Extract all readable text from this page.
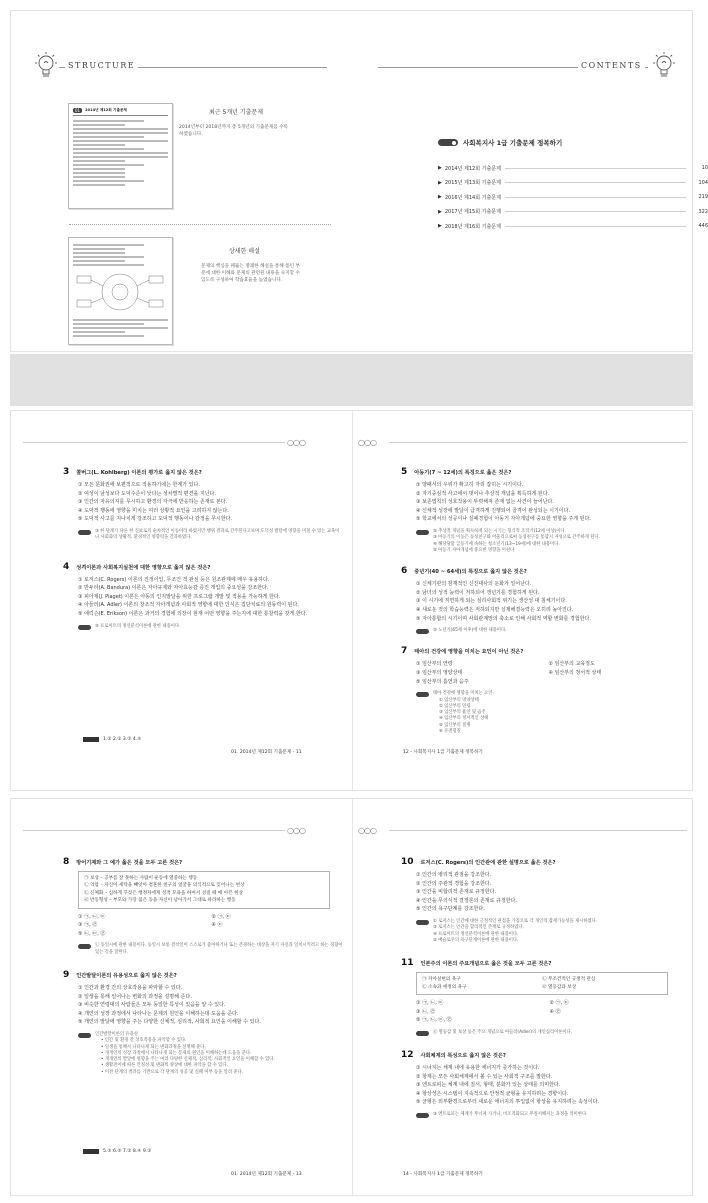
STRUCTURE	CONTENTS
01	2014년 제12회 기출문제	최근 5개년 기출문제
2014년부터 2018년까지 총 5개년의 기출문제를 수록하였습니다.
상세한 해설
문제의 핵심을 꿰뚫는 명쾌한 해설을 통해 틀린 부분에 대한 이해와 문제의 관련된 내용을 숙지할 수 있도록 구성하여 학습효율을 높였습니다.
사회복지사 1급 기출문제 정복하기
▶ 2014년 제12회 기출문제	10
▶ 2015년 제13회 기출문제	104
▶ 2016년 제14회 기출문제	219
▶ 2017년 제15회 기출문제	322
▶ 2018년 제16회 기출문제	446
○○○	○○○
3 콜버그(L. Kohlberg) 이론의 평가로 옳지 않은 것은?
① 모든 문화권에 보편적으로 적용하기에는 한계가 있다.
② 여성이 남성보다 도덕수준이 낮다는 성차별적 편견을 지닌다.
③ 인간의 자유의지를 무시하고 환경의 자극에 반응하는 존재로 본다.
④ 도덕적 행동에 영향을 미치는 여러 상황적 요인을 고려하지 않는다.
⑤ 도덕적 사고를 지나치게 강조하고 도덕적 행동이나 감정을 무시한다.
③ 한 단계가 다른 한 진보로의 순차적인 이동이라 하였지만 행위 결과로 간주된다고보며 도덕성 발달에 영향을 미칠 수 있는 교육이나 사회화의 상황적, 환경적인 영향력을 간과하였다.
4 성격이론과 사회복지실천에 대한 영향으로 옳지 않은 것은?
① 로저스(C. Rogers) 이론의 진정이입, 무조건 적 관심 등은 원조관계에 매우 유용하다.
② 반두라(A. Bandura) 이론은 자아규제와 자아효능감 증진 개입의 중요성을 강조한다.
③ 피아제(J. Piaget) 이론은 아동의 인지발달을 위한 프로그램 개발 및 적용을 가능하게 한다.
④ 아들러(A. Adler) 이론의 창조적 자아개념과 사회적 영향에 대한 인식은 집단치료의 원동력이 된다.
⑤ 에릭슨(E. Erikson) 이론은 과거의 경험에 의장이 현재 어떤 영향을 주는지에 대한 통찰력을 갖게 한다.
⑤ 프로이트의 정신분석이론에 관한 내용이다.
1.② 2.② 3.③ 4.⑤
01. 2014년 제12회 기출문제 - 11
5 아동기(7 ~ 12세)의 특징으로 옳은 것은?
① 양패서의 우위가 확고히 자리 잡히는 시기이다.
② 자기중심적 사고에서 벗어나 추상적 개념을 획득하게 된다.
③ 보존법칙의 성호작용이 뚜렷해져 존재 없는 사건이 늘어난다.
④ 신체적 성장에 발달이 급격하게 진행되어 골격이 완성되는 시기이다.
⑤ 학교에서의 성공이나 실패경험이 아동기 자아개념에 중요한 영향을 주게 된다.
⑤ 추상적 개념을 획득하게 되는 시기는 형식적 조작기(12세 이상)이다.
③ 아동기의 이동은 동성친구와 어울리으로써 동성친구를 통합지 자성으로 간주하게 된다.
④ 해당당할 급등기에 속하는 청소년기(13~19세)에 대한 내용이다.
⑤ 아동기 자아개념에 중요한 영향을 미친다.
6 중년기(40 ~ 64세)의 특징으로 옳지 않은 것은?
① 신체기관의 잠재적인 신진대사의 둔화가 일어난다.
② 남녀의 성적 능력이 저하되어 갱년기를 경험하게 된다.
③ 이 시기에 직면하게 되는 심리사회적 위기는 생산성 대 침체기이다.
④ 새로운 것의 학습능력은 저하되지만 실제해결능력은 오히려 높아진다.
⑤ 자아통합의 시기이며 사회관계망의 축소로 인해 사회적 역할 변화를 경험한다.
⑤ 노년기(65세 이후)에 대한 내용이다.
7 태아의 건강에 영향을 미치는 요인이 아닌 것은?
① 임산부의 연령	② 임산부의 교육정도
③ 임산부의 영양상태	④ 임산부의 정서적 상태
⑤ 임산부의 흡연과 음주
태아 건강에 영향을 미치는 요인
① 임산부의 영양상태
② 임산부의 연령
③ 임산부의 흡연 및 음주
④ 임산부의 정서적인 상태
⑤ 임산부의 질병
⑥ 유전형질
12 - 사회복지사 1급 기출문제 정복하기
○○○	○○○
8 방어기제와 그 예가 옳은 것을 모두 고른 것은?
㉠ 보상 – 공부를 잘 못하는 사람이 운동에 열중하는 행동
㉡ 억압 – 자신이 세탁을 빼앗아 결혼한 친구의 얼굴을 의식적으로 잊어나는 현상
㉢ 신체화 – 심하게 꾸짖은 행정자에게 성적 모욕을 하여서 성질 때 매 아픈 현상
㉣ 반동형성 – 부모와 가장 싫은 동을 자신이 날아가서 그대로 따라하는 행동
① ㉠, ㉡, ㉢	② ㉠, ㉢
③ ㉠, ㉣	④ ㉢
⑤ ㉡, ㉢, ㉣
㉡ 동일시에 관한 내용이다. 동일시 보통 결착일이 스스로가 좋아하거나 또는 존경하는 대상을 자기 자신과 일치시키려고 하는 경향이 있는 것을 말한다.
9 인간발달이론의 유용성으로 옳지 않은 것은?
① 인간과 환경 간의 상호작용을 파악할 수 있다.
② 일생을 통해 일어나는 변화의 과정을 설명해 준다.
③ 비슷한 연령대의 사람들은 모두 동일한 특성이 있음을 알 수 있다.
④ 개인의 성장 과정에서 나타나는 문제의 원인을 이해하는데 도움을 준다.
⑤ 개인의 발달에 영향을 주는 다양한 신체적, 심리적, 사회적 요인을 이해할 수 있다.
인간발달이론의 유용성
• 인간 및 환경 간 상호작용을 파악할 수 있다.
• 일생을 통해서 나타나게 되는 변화과정을 설명해 준다.
• 개개인의 성장 과정에서 나타나게 되는 문제의 원인을 이해하는데 도움을 준다.
• 개개인의 발달에 영향을 주는 여러 다양한 신체적, 심리적, 사회적인 요인을 이해할 수 있다.
• 생활전이에 따른 안정성 및 변화의 양상에 대한 파악을 할 수 있다.
• 이전 단계의 결과를 기반으로 각 단계의 성공 및 실패 여부 등을 알려 준다.
5.⑤ 6.⑤ 7.② 8.④ 9.③
01. 2014년 제12회 기출문제 - 13
10 로저스(C. Rogers)의 인간관에 관한 설명으로 옳은 것은?
① 인간의 병리적 관점을 강조한다.
② 인간의 주관적 경험을 강조한다.
③ 인간을 비합리적 존재로 규정한다.
④ 인간을 무의식적 결정론의 존재로 규정한다.
⑤ 인간의 욕구단계를 강조한다.
① 로저스는 인간에 대한 긍정적인 관점을 가짐으로 각 개인의 잠재가능성을 제시하였다.
③ 로저스는 인간을 합리적인 존재로 규정하였다.
④ 프로이트의 정신분석이론에 관한 내용이다.
⑤ 매슬로우의 욕구단계이론에 관한 내용이다.
11 인본주의 이론의 주요개념으로 옳은 것을 모두 고른 것은?
㉠ 자아실현의 욕구	㉡ 무조건적인 긍정적 관심
㉢ 소속과 애정의 욕구	㉣ 열등감과 보상
① ㉠, ㉡, ㉢	② ㉠, ㉢
③ ㉡, ㉣	④ ㉣
⑤ ㉠, ㉡, ㉢, ㉣
㉣ 열등감 및 보상 등은 주요 개념으로 아들러(Adler)의 개인심리이론이다.
12 사회체계의 특성으로 옳지 않은 것은?
① 시너지는 체계 내에 유용한 에너지가 증가하는 것이다.
② 항제는 모든 사회체계에서 볼 수 있는 사회적 구조를 말한다.
③ 엔트로피는 체계 내에 질서, 형태, 분화가 있는 상태를 의미한다.
④ 항상성은 시스템이 지속적으로 안정적 균형을 유지하려는 경향이다.
⑤ 균형은 외부환경으로부터 새로운 에너지의 투입없이 항상을 유지하려는 속성이다.
③ 엔트로피는 체계가 무너져 가거나, 비조직화되고 무질서해지는 과정을 의미한다.
14 - 사회복지사 1급 기출문제 정복하기
